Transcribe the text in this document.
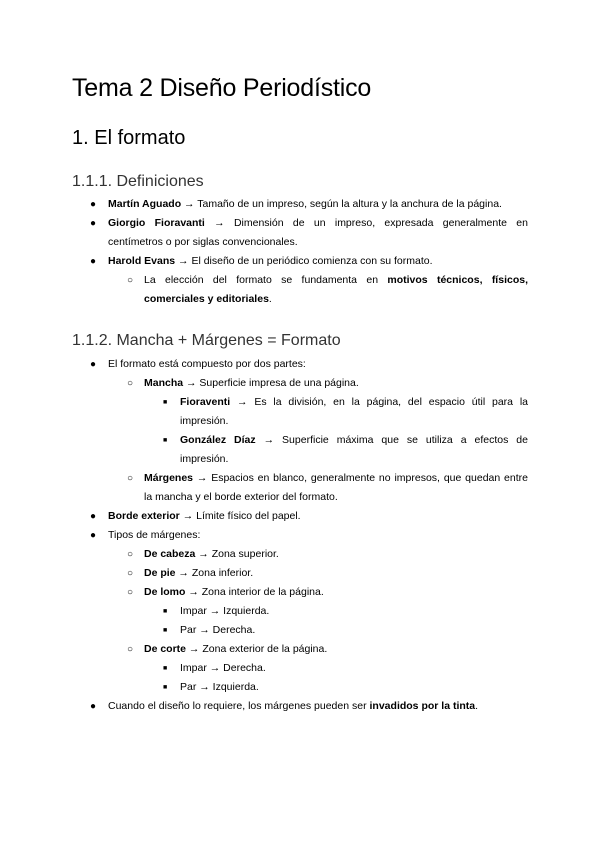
Tema 2 Diseño Periodístico
1. El formato
1.1.1. Definiciones
● Martín Aguado → Tamaño de un impreso, según la altura y la anchura de la página.
● Giorgio Fioravanti → Dimensión de un impreso, expresada generalmente en centímetros o por siglas convencionales.
● Harold Evans → El diseño de un periódico comienza con su formato.
○ La elección del formato se fundamenta en motivos técnicos, físicos, comerciales y editoriales.
1.1.2. Mancha + Márgenes = Formato
● El formato está compuesto por dos partes:
○ Mancha → Superficie impresa de una página.
■ Fioraventi → Es la división, en la página, del espacio útil para la impresión.
■ González Díaz → Superficie máxima que se utiliza a efectos de impresión.
○ Márgenes → Espacios en blanco, generalmente no impresos, que quedan entre la mancha y el borde exterior del formato.
● Borde exterior → Límite físico del papel.
● Tipos de márgenes:
○ De cabeza → Zona superior.
○ De pie → Zona inferior.
○ De lomo → Zona interior de la página.
■ Impar → Izquierda.
■ Par → Derecha.
○ De corte → Zona exterior de la página.
■ Impar → Derecha.
■ Par → Izquierda.
● Cuando el diseño lo requiere, los márgenes pueden ser invadidos por la tinta.
